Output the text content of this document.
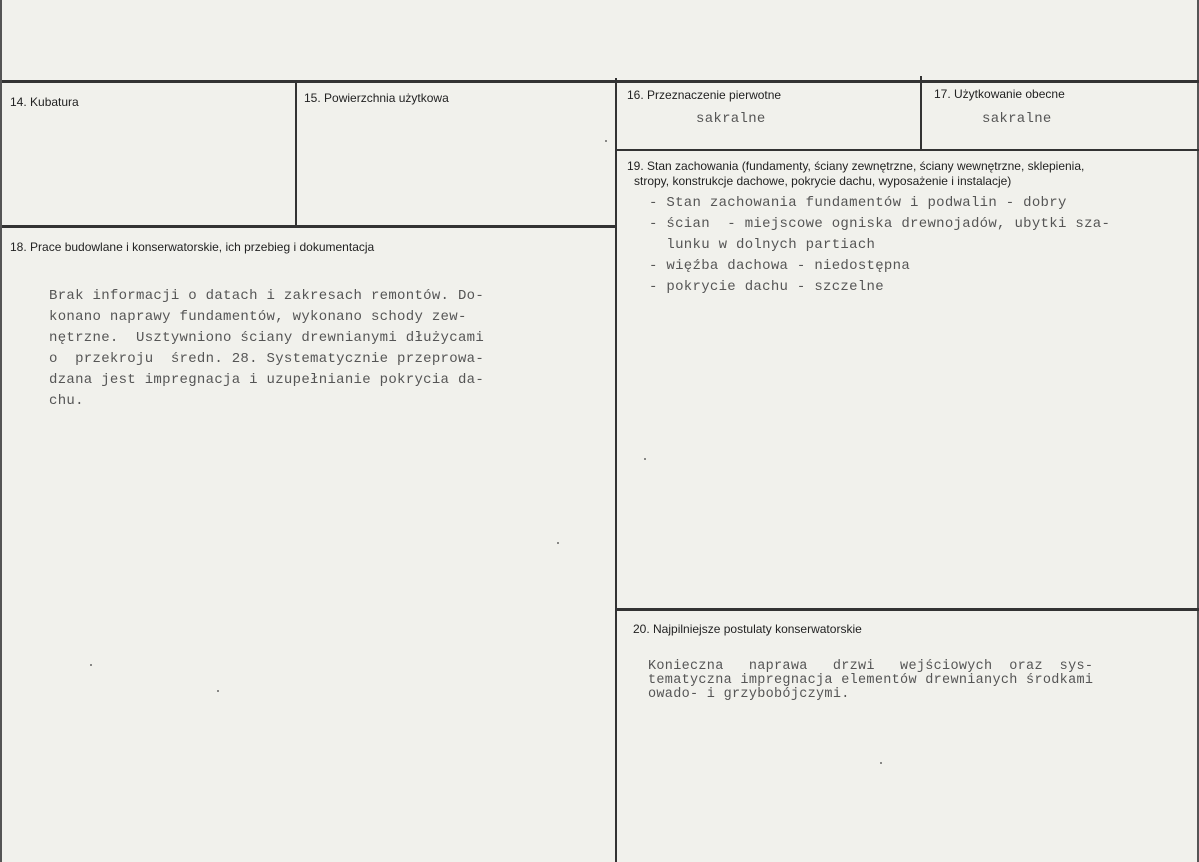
14. Kubatura	15. Powierzchnia użytkowa	16. Przeznaczenie pierwotne
sakralne
17. Użytkowanie obecne
sakralne
18. Prace budowlane i konserwatorskie, ich przebieg i dokumentacja
Brak informacji o datach i zakresach remontów. Do-
konano naprawy fundamentów, wykonano schody zew-
nętrzne.  Usztywniono ściany drewnianymi dłużycami
o  przekroju  średn. 28. Systematycznie przeprowa-
dzana jest impregnacja i uzupełnianie pokrycia da-
chu.
19. Stan zachowania (fundamenty, ściany zewnętrzne, ściany wewnętrzne, sklepienia,
stropy, konstrukcje dachowe, pokrycie dachu, wyposażenie i instalacje)
- Stan zachowania fundamentów i podwalin - dobry
- ścian  - miejscowe ogniska drewnojadów, ubytki sza-
lunku w dolnych partiach
- więźba dachowa - niedostępna
- pokrycie dachu - szczelne
20. Najpilniejsze postulaty konserwatorskie
Konieczna   naprawa   drzwi   wejściowych  oraz  sys-
tematyczna impregnacja elementów drewnianych środkami
owado- i grzybobójczymi.
